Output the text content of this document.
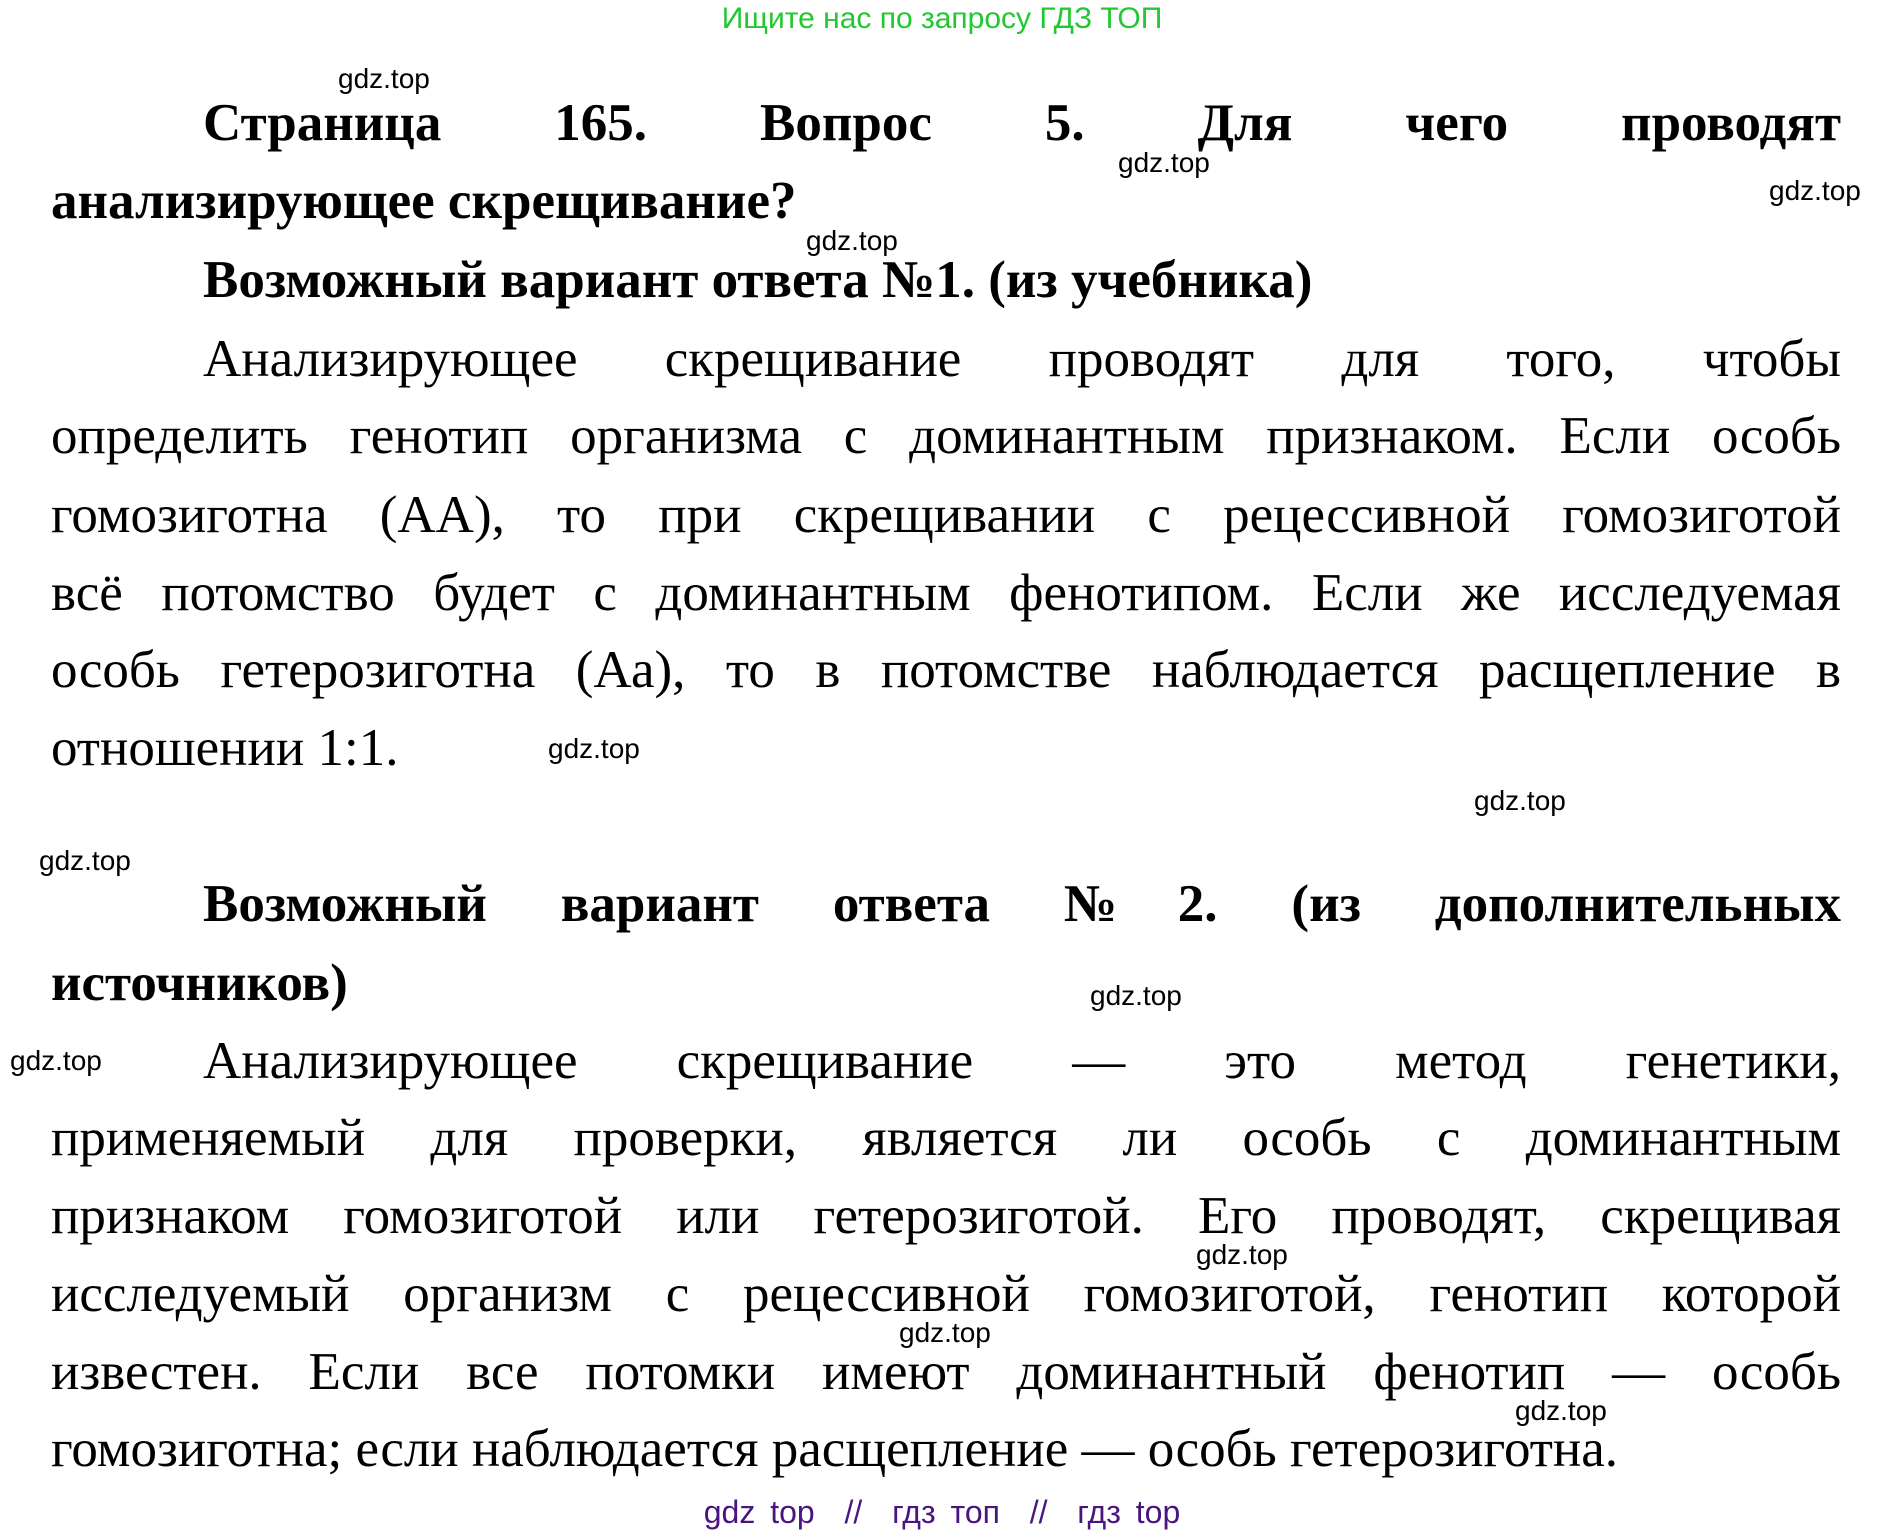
Ищите нас по запросу ГДЗ ТОП
Страница 165. Вопрос 5. Для чего проводят
анализирующее скрещивание?
Возможный вариант ответа №1. (из учебника)
Анализирующее скрещивание проводят для того, чтобы
определить генотип организма с доминантным признаком. Если особь
гомозиготна (АА), то при скрещивании с рецессивной гомозиготой
всё потомство будет с доминантным фенотипом. Если же исследуемая
особь гетерозиготна (Аа), то в потомстве наблюдается расщепление в
отношении 1:1.
Возможный вариант ответа №2. (из дополнительных
источников)
Анализирующее скрещивание — это метод генетики,
применяемый для проверки, является ли особь с доминантным
признаком гомозиготой или гетерозиготой. Его проводят, скрещивая
исследуемый организм с рецессивной гомозиготой, генотип которой
известен. Если все потомки имеют доминантный фенотип — особь
гомозиготна; если наблюдается расщепление — особь гетерозиготна.
gdz.top
gdz.top
gdz.top
gdz.top
gdz.top
gdz.top
gdz.top
gdz.top
gdz.top
gdz.top
gdz.top
gdz.top
gdz top  //  гдз топ  //  гдз top
